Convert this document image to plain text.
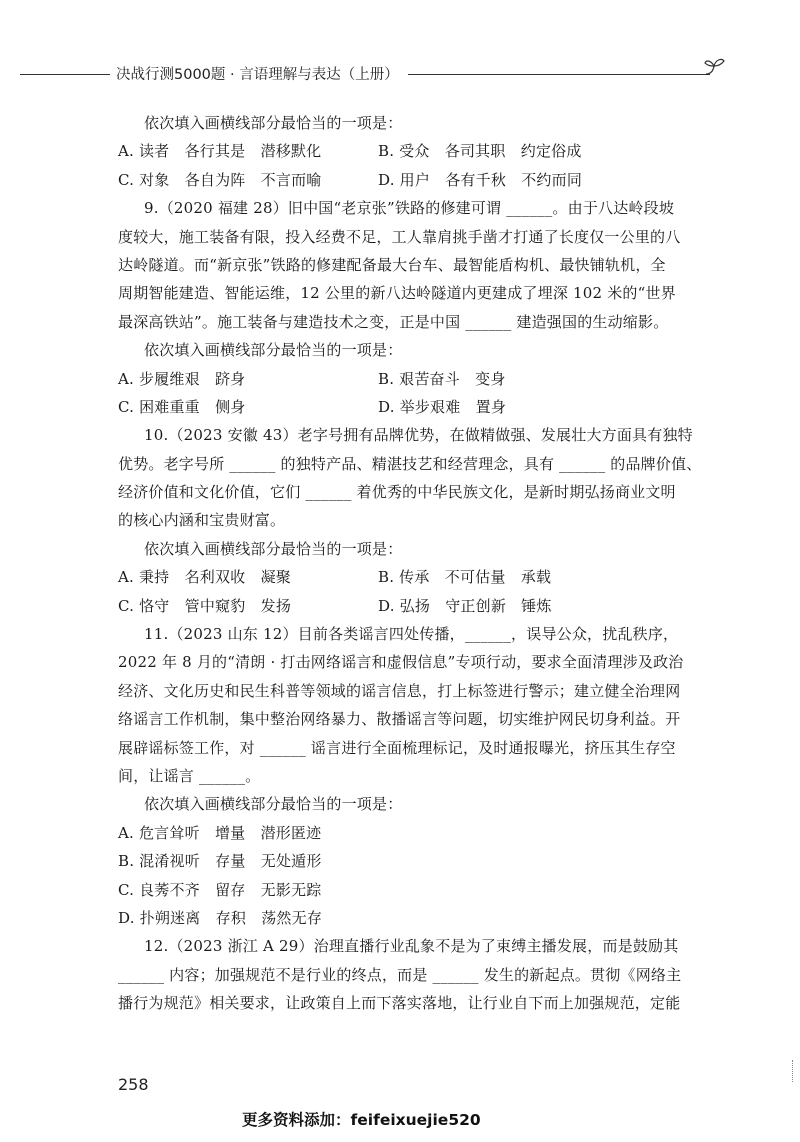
决战行测5000题 · 言语理解与表达（上册）
依次填入画横线部分最恰当的一项是：
A. 读者　各行其是　潜移默化	B. 受众　各司其职　约定俗成
C. 对象　各自为阵　不言而喻	D. 用户　各有千秋　不约而同
9.（2020 福建 28）旧中国“老京张”铁路的修建可谓 ______。由于八达岭段坡
度较大，施工装备有限，投入经费不足，工人靠肩挑手凿才打通了长度仅一公里的八
达岭隧道。而“新京张”铁路的修建配备最大台车、最智能盾构机、最快铺轨机，全
周期智能建造、智能运维，12 公里的新八达岭隧道内更建成了埋深 102 米的“世界
最深高铁站”。施工装备与建造技术之变，正是中国 ______ 建造强国的生动缩影。
依次填入画横线部分最恰当的一项是：
A. 步履维艰　跻身	B. 艰苦奋斗　变身
C. 困难重重　侧身	D. 举步艰难　置身
10.（2023 安徽 43）老字号拥有品牌优势，在做精做强、发展壮大方面具有独特
优势。老字号所 ______ 的独特产品、精湛技艺和经营理念，具有 ______ 的品牌价值、
经济价值和文化价值，它们 ______ 着优秀的中华民族文化，是新时期弘扬商业文明
的核心内涵和宝贵财富。
依次填入画横线部分最恰当的一项是：
A. 秉持　名利双收　凝聚	B. 传承　不可估量　承载
C. 恪守　管中窥豹　发扬	D. 弘扬　守正创新　锤炼
11.（2023 山东 12）目前各类谣言四处传播，______，误导公众，扰乱秩序，
2022 年 8 月的“清朗 · 打击网络谣言和虚假信息”专项行动，要求全面清理涉及政治
经济、文化历史和民生科普等领域的谣言信息，打上标签进行警示；建立健全治理网
络谣言工作机制，集中整治网络暴力、散播谣言等问题，切实维护网民切身利益。开
展辟谣标签工作，对 ______ 谣言进行全面梳理标记，及时通报曝光，挤压其生存空
间，让谣言 ______。
依次填入画横线部分最恰当的一项是：
A. 危言耸听　增量　潜形匿迹
B. 混淆视听　存量　无处遁形
C. 良莠不齐　留存　无影无踪
D. 扑朔迷离　存积　荡然无存
12.（2023 浙江 A 29）治理直播行业乱象不是为了束缚主播发展，而是鼓励其
______ 内容；加强规范不是行业的终点，而是 ______ 发生的新起点。贯彻《网络主
播行为规范》相关要求，让政策自上而下落实落地，让行业自下而上加强规范，定能
258
更多资料添加：feifeixuejie520
